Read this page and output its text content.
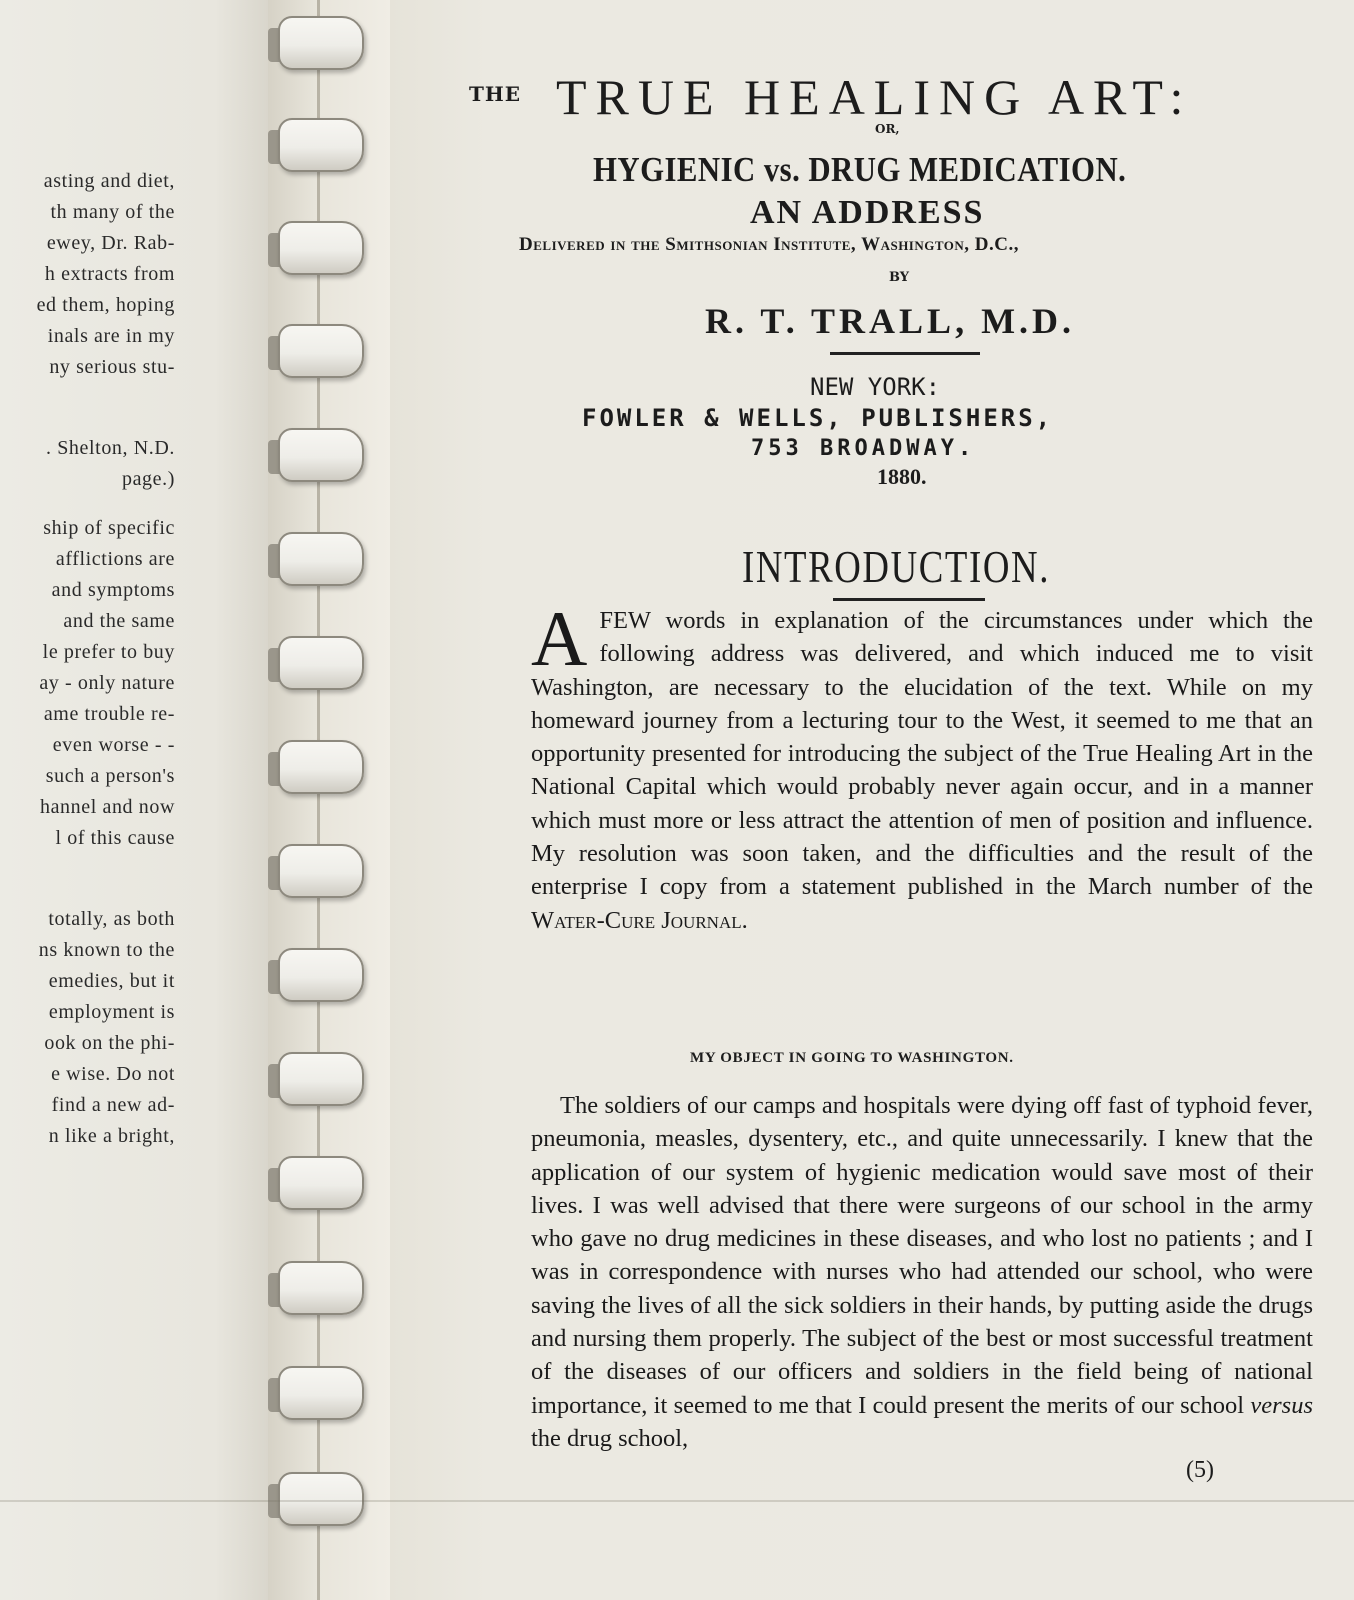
asting and diet,
th many of the
ewey, Dr. Rab-
h extracts from
ed them, hoping
inals are in my
ny serious stu-
. Shelton, N.D.
page.)
ship of specific
afflictions are
and symptoms
and the same
le prefer to buy
ay - only nature
ame trouble re-
even worse - -
such a person's
hannel and now
l of this cause
totally, as both
ns known to the
emedies, but it
employment is
ook on the phi-
e wise. Do not
find a new ad-
n like a bright,
THE TRUE HEALING ART:
OR,
HYGIENIC vs. DRUG MEDICATION.
AN ADDRESS
Delivered in the Smithsonian Institute, Washington, D.C.,
BY
R. T. TRALL, M.D.
NEW YORK:
FOWLER & WELLS, PUBLISHERS,
753 BROADWAY.
1880.
INTRODUCTION.
A FEW words in explanation of the circumstances under which the following address was delivered, and which induced me to visit Washington, are necessary to the elucidation of the text. While on my homeward journey from a lecturing tour to the West, it seemed to me that an opportunity presented for introducing the subject of the True Healing Art in the National Capital which would probably never again occur, and in a manner which must more or less attract the attention of men of position and influence. My resolution was soon taken, and the difficulties and the result of the enterprise I copy from a statement published in the March number of the Water-Cure Journal.
MY OBJECT IN GOING TO WASHINGTON.
The soldiers of our camps and hospitals were dying off fast of typhoid fever, pneumonia, measles, dysentery, etc., and quite unnecessarily. I knew that the application of our system of hygienic medication would save most of their lives. I was well advised that there were surgeons of our school in the army who gave no drug medicines in these diseases, and who lost no patients ; and I was in correspondence with nurses who had attended our school, who were saving the lives of all the sick soldiers in their hands, by putting aside the drugs and nursing them properly. The subject of the best or most successful treatment of the diseases of our officers and soldiers in the field being of national importance, it seemed to me that I could present the merits of our school versus the drug school,
(5)
